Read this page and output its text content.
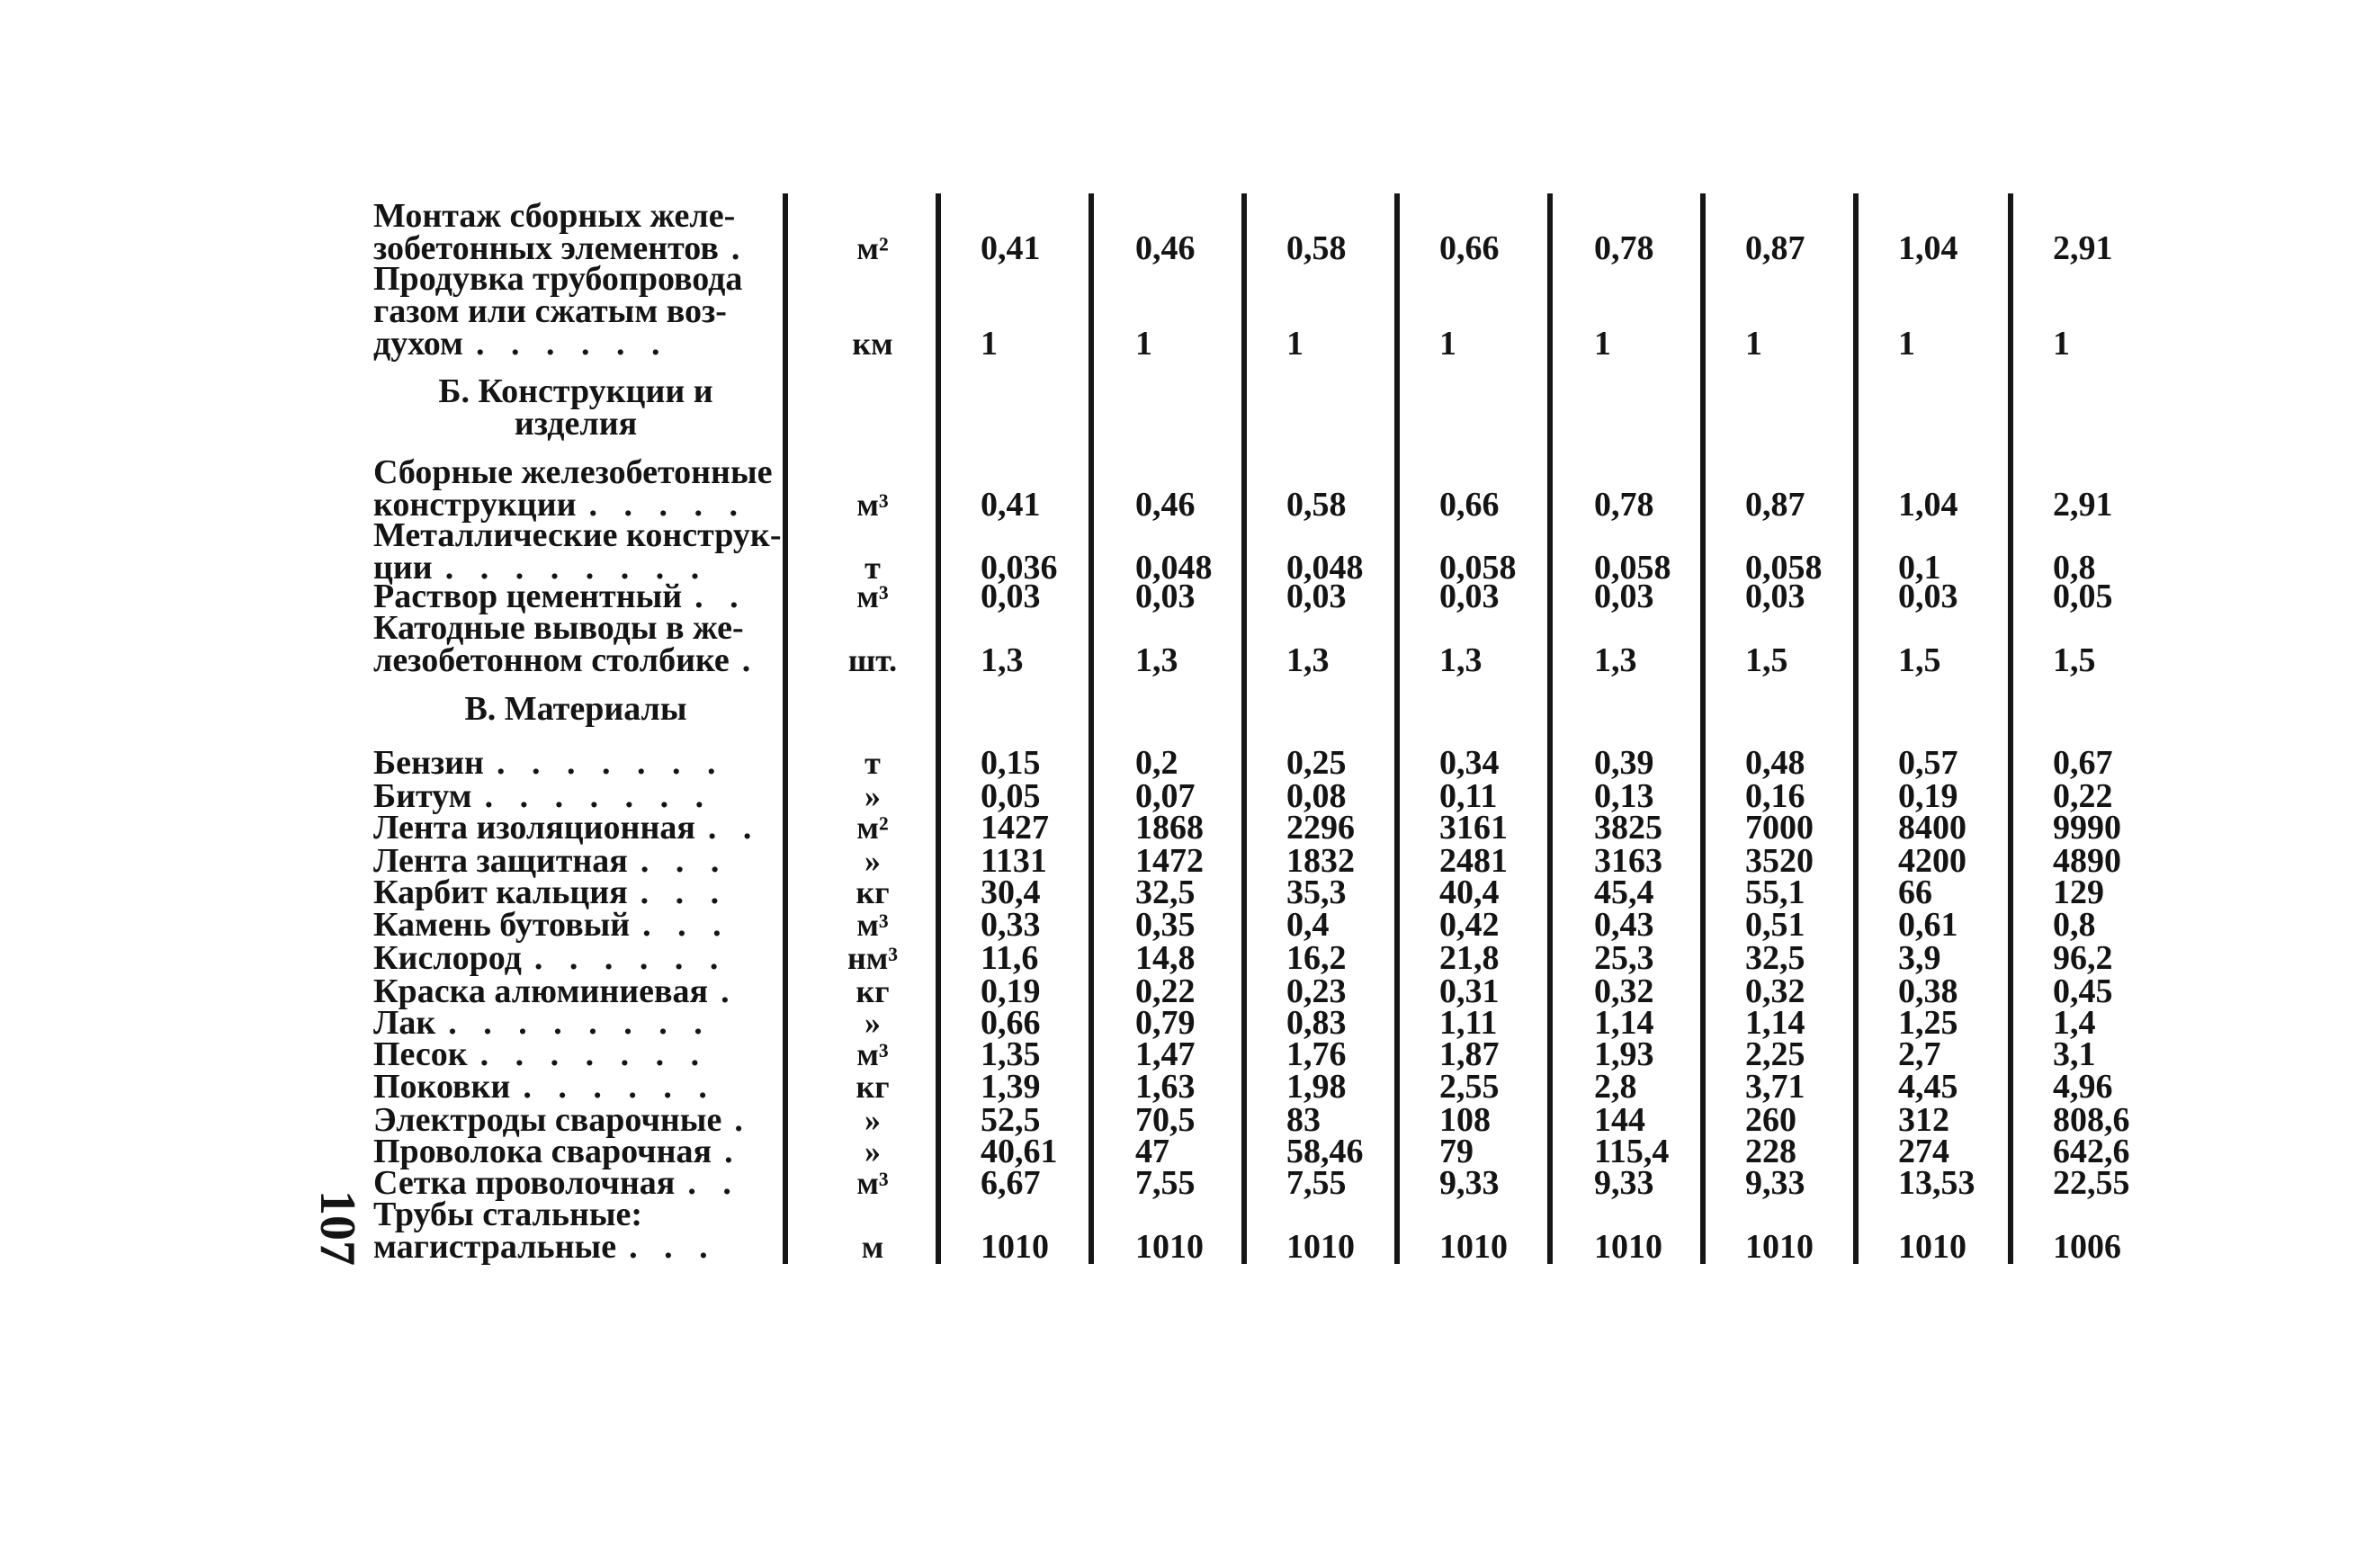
Монтаж сборных желе-
зобетонных элементов .	м²	0,41	0,46	0,58	0,66	0,78	0,87	1,04	2,91
Продувка трубопровода
газом или сжатым воз-
духом . . . . . .	км	1	1	1	1	1	1	1	1
Б. Конструкции и
изделия
Сборные железобетонные
конструкции . . . . .	м³	0,41	0,46	0,58	0,66	0,78	0,87	1,04	2,91
Металлические конструк-
ции . . . . . . . .	т	0,036	0,048	0,048	0,058	0,058	0,058	0,1	0,8
Раствор цементный . .	м³	0,03	0,03	0,03	0,03	0,03	0,03	0,03	0,05
Катодные выводы в же-
лезобетонном столбике .	шт.	1,3	1,3	1,3	1,3	1,3	1,5	1,5	1,5
В. Материалы
Бензин . . . . . . .	т	0,15	0,2	0,25	0,34	0,39	0,48	0,57	0,67
Битум . . . . . . .	»	0,05	0,07	0,08	0,11	0,13	0,16	0,19	0,22
Лента изоляционная . .	м²	1427	1868	2296	3161	3825	7000	8400	9990
Лента защитная . . .	»	1131	1472	1832	2481	3163	3520	4200	4890
Карбит кальция . . .	кг	30,4	32,5	35,3	40,4	45,4	55,1	66	129
Камень бутовый . . .	м³	0,33	0,35	0,4	0,42	0,43	0,51	0,61	0,8
Кислород . . . . . .	нм³	11,6	14,8	16,2	21,8	25,3	32,5	3,9	96,2
Краска алюминиевая .	кг	0,19	0,22	0,23	0,31	0,32	0,32	0,38	0,45
Лак . . . . . . . .	»	0,66	0,79	0,83	1,11	1,14	1,14	1,25	1,4
Песок . . . . . . .	м³	1,35	1,47	1,76	1,87	1,93	2,25	2,7	3,1
Поковки . . . . . .	кг	1,39	1,63	1,98	2,55	2,8	3,71	4,45	4,96
Электроды сварочные .	»	52,5	70,5	83	108	144	260	312	808,6
Проволока сварочная .	»	40,61	47	58,46	79	115,4	228	274	642,6
Сетка проволочная . .	м³	6,67	7,55	7,55	9,33	9,33	9,33	13,53	22,55
Трубы стальные:
магистральные . . .	м	1010	1010	1010	1010	1010	1010	1010	1006
107
